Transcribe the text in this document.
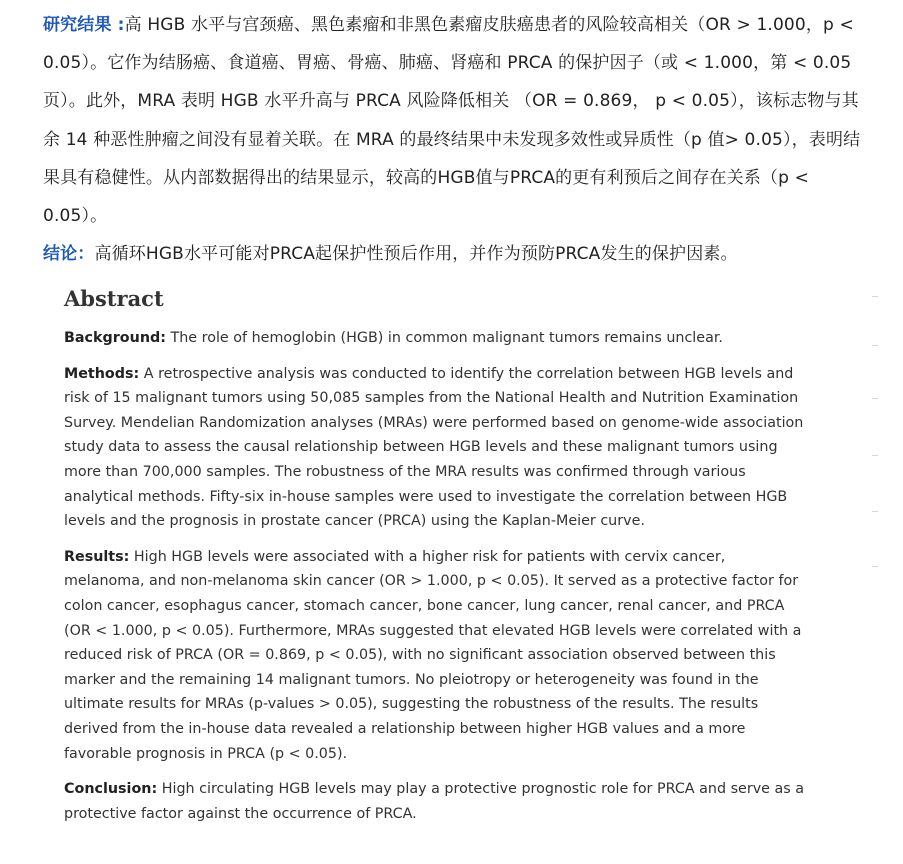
研究结果 :高 HGB 水平与宫颈癌、黑色素瘤和非黑色素瘤皮肤癌患者的风险较高相关（OR > 1.000，p < 0.05）。它作为结肠癌、食道癌、胃癌、骨癌、肺癌、肾癌和 PRCA 的保护因子（或 < 1.000，第 < 0.05 页）。此外，MRA 表明 HGB 水平升高与 PRCA 风险降低相关 （OR = 0.869， p < 0.05），该标志物与其余 14 种恶性肿瘤之间没有显着关联。在 MRA 的最终结果中未发现多效性或异质性（p 值> 0.05），表明结果具有稳健性。从内部数据得出的结果显示，较高的HGB值与PRCA的更有利预后之间存在关系（p < 0.05）。

结论：高循环HGB水平可能对PRCA起保护性预后作用，并作为预防PRCA发生的保护因素。

Abstract

Background: The role of hemoglobin (HGB) in common malignant tumors remains unclear.

Methods: A retrospective analysis was conducted to identify the correlation between HGB levels and risk of 15 malignant tumors using 50,085 samples from the National Health and Nutrition Examination Survey. Mendelian Randomization analyses (MRAs) were performed based on genome-wide association study data to assess the causal relationship between HGB levels and these malignant tumors using more than 700,000 samples. The robustness of the MRA results was confirmed through various analytical methods. Fifty-six in-house samples were used to investigate the correlation between HGB levels and the prognosis in prostate cancer (PRCA) using the Kaplan-Meier curve.

Results: High HGB levels were associated with a higher risk for patients with cervix cancer, melanoma, and non-melanoma skin cancer (OR > 1.000, p < 0.05). It served as a protective factor for colon cancer, esophagus cancer, stomach cancer, bone cancer, lung cancer, renal cancer, and PRCA (OR < 1.000, p < 0.05). Furthermore, MRAs suggested that elevated HGB levels were correlated with a reduced risk of PRCA (OR = 0.869, p < 0.05), with no significant association observed between this marker and the remaining 14 malignant tumors. No pleiotropy or heterogeneity was found in the ultimate results for MRAs (p-values > 0.05), suggesting the robustness of the results. The results derived from the in-house data revealed a relationship between higher HGB values and a more favorable prognosis in PRCA (p < 0.05).

Conclusion: High circulating HGB levels may play a protective prognostic role for PRCA and serve as a protective factor against the occurrence of PRCA.
